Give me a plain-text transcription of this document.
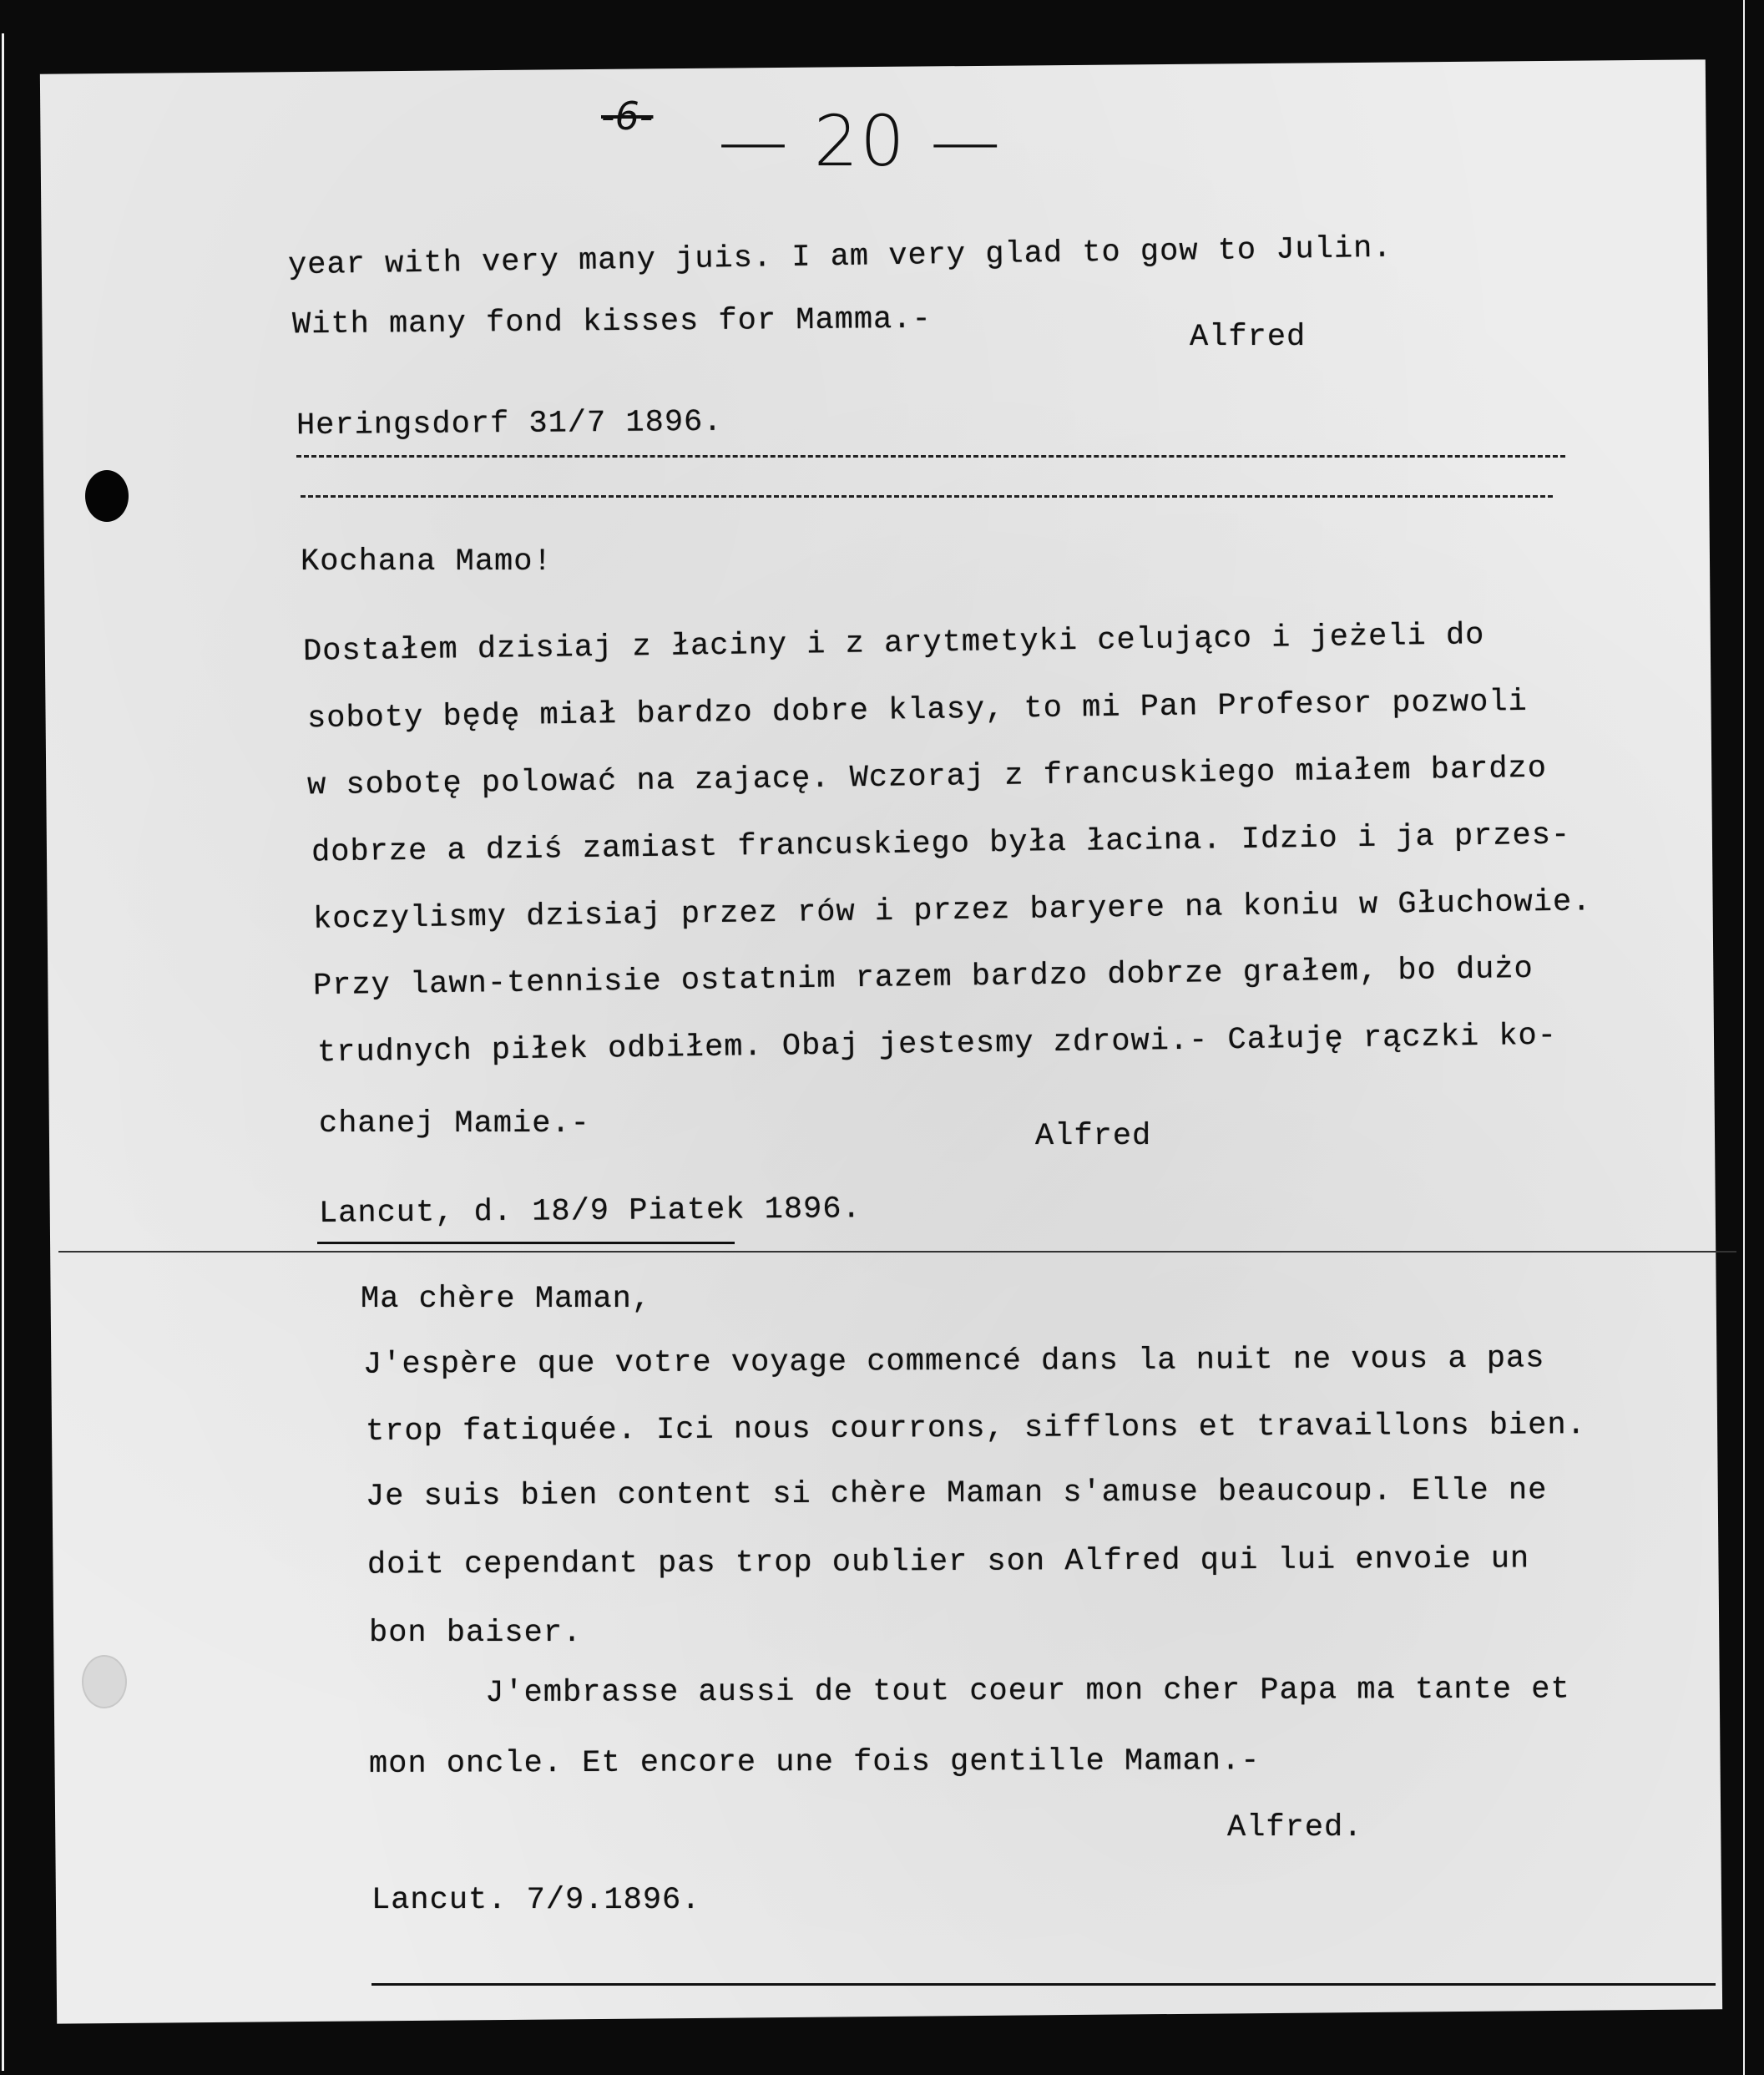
-6- — 20 —
year with very many juis. I am very glad to gow to Julin.
With many fond kisses for Mamma.-	Alfred
Heringsdorf 31/7 1896.
Kochana Mamo!
Dostałem dzisiaj z łaciny i z arytmetyki celująco i jeżeli do
soboty będę miał bardzo dobre klasy, to mi Pan Profesor pozwoli
w sobotę polować na zajacę. Wczoraj z francuskiego miałem bardzo
dobrze a dziś zamiast francuskiego była łacina. Idzio i ja przes-
koczylismy dzisiaj przez rów i przez baryere na koniu w Głuchowie.
Przy lawn-tennisie ostatnim razem bardzo dobrze grałem, bo dużo
trudnych piłek odbiłem. Obaj jestesmy zdrowi.- Całuję rączki ko-
chanej Mamie.-	Alfred
Lancut, d. 18/9 Piatek 1896.
Ma chère Maman,
J'espère que votre voyage commencé dans la nuit ne vous a pas
trop fatiquée. Ici nous courrons, sifflons et travaillons bien.
Je suis bien content si chère Maman s'amuse beaucoup. Elle ne
doit cependant pas trop oublier son Alfred qui lui envoie un
bon baiser.
J'embrasse aussi de tout coeur mon cher Papa ma tante et
mon oncle. Et encore une fois gentille Maman.-
Alfred.
Lancut. 7/9.1896.
